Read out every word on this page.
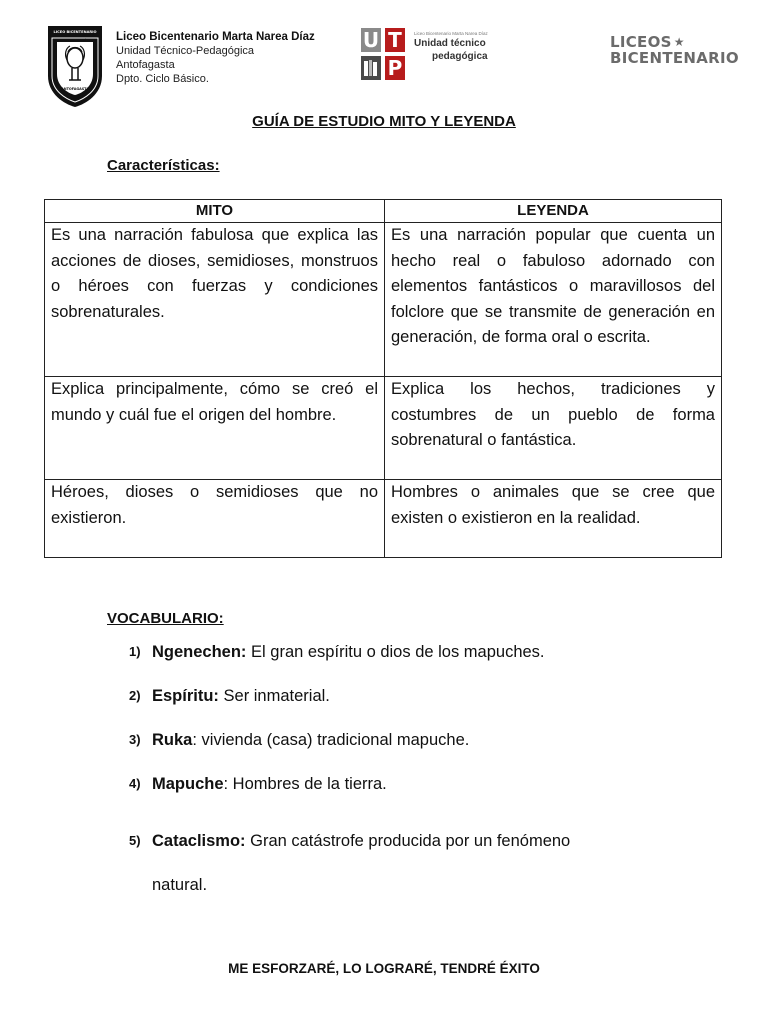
LICEO BICENTENARIO
MARTA NAREA DÍAZ
ANTOFAGASTA
Liceo Bicentenario Marta Narea Díaz
Unidad Técnico-Pedagógica
Antofagasta
Dpto. Ciclo Básico.
U T
P
Liceo Bicentenario Marta Narea Díaz
Unidad técnico
pedagógica
LICEOS ★
BICENTENARIO
GUÍA DE ESTUDIO MITO Y LEYENDA
Características:
MITO	LEYENDA
Es una narración fabulosa que explica las acciones de dioses, semidioses, monstruos o héroes con fuerzas y condiciones sobrenaturales.	Es una narración popular que cuenta un hecho real o fabuloso adornado con elementos fantásticos o maravillosos del folclore que se transmite de generación en generación, de forma oral o escrita.
Explica principalmente, cómo se creó el mundo y cuál fue el origen del hombre.	Explica los hechos, tradiciones y costumbres de un pueblo de forma sobrenatural o fantástica.
Héroes, dioses o semidioses que no existieron.	Hombres o animales que se cree que existen o existieron en la realidad.
VOCABULARIO:
1) Ngenechen: El gran espíritu o dios de los mapuches.
2) Espíritu: Ser inmaterial.
3) Ruka: vivienda (casa) tradicional mapuche.
4) Mapuche: Hombres de la tierra.
5) Cataclismo: Gran catástrofe producida por un fenómeno
natural.
ME ESFORZARÉ, LO LOGRARÉ, TENDRÉ ÉXITO
